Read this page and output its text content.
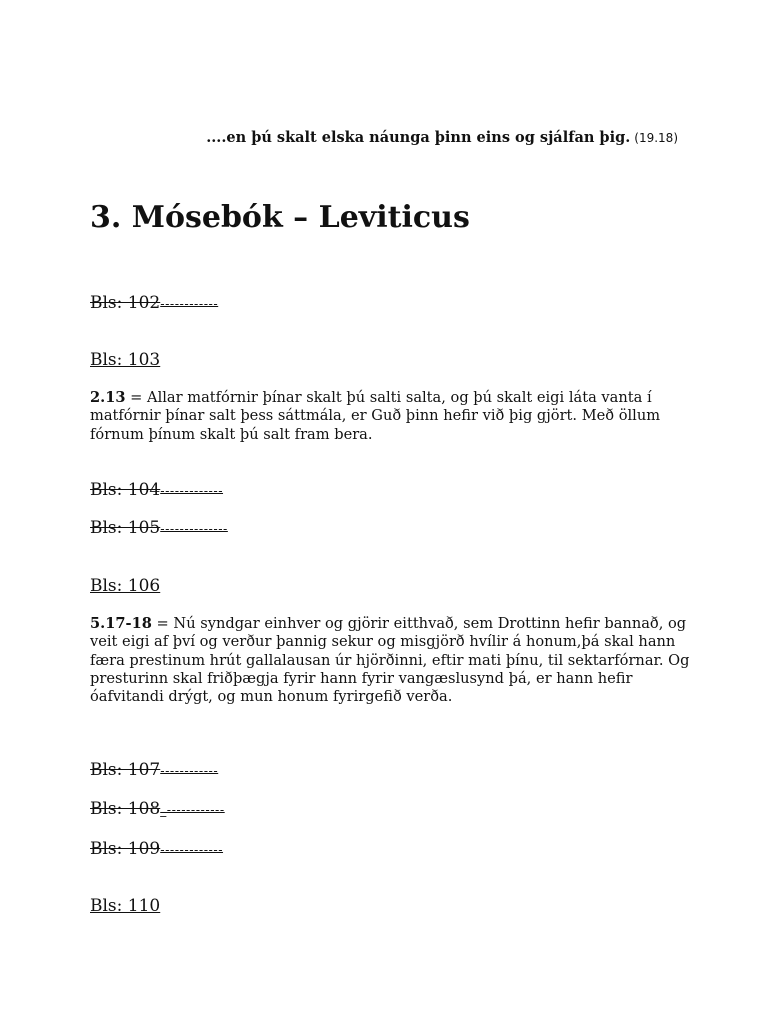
....en þú skalt elska náunga þinn eins og sjálfan þig. (19.18)
3. Mósebók – Leviticus
Bls: 102------------
Bls: 103

2.13 = Allar matfórnir þínar skalt þú salti salta, og þú skalt eigi láta vanta í matfórnir þínar salt þess sáttmála, er Guð þinn hefir við þig gjört. Með öllum fórnum þínum skalt þú salt fram bera.

Bls: 104-------------
Bls: 105--------------
Bls: 106

5.17-18 = Nú syndgar einhver og gjörir eitthvað, sem Drottinn hefir bannað, og veit eigi af því og verður þannig sekur og misgjörð hvílir á honum,þá skal hann færa prestinum hrút gallalausan úr hjörðinni, eftir mati þínu, til sektarfórnar. Og presturinn skal friðþægja fyrir hann fyrir vangæslusynd þá, er hann hefir óafvitandi drýgt, og mun honum fyrirgefið verða.

Bls: 107------------
Bls: 108_------------
Bls: 109-------------
Bls: 110
